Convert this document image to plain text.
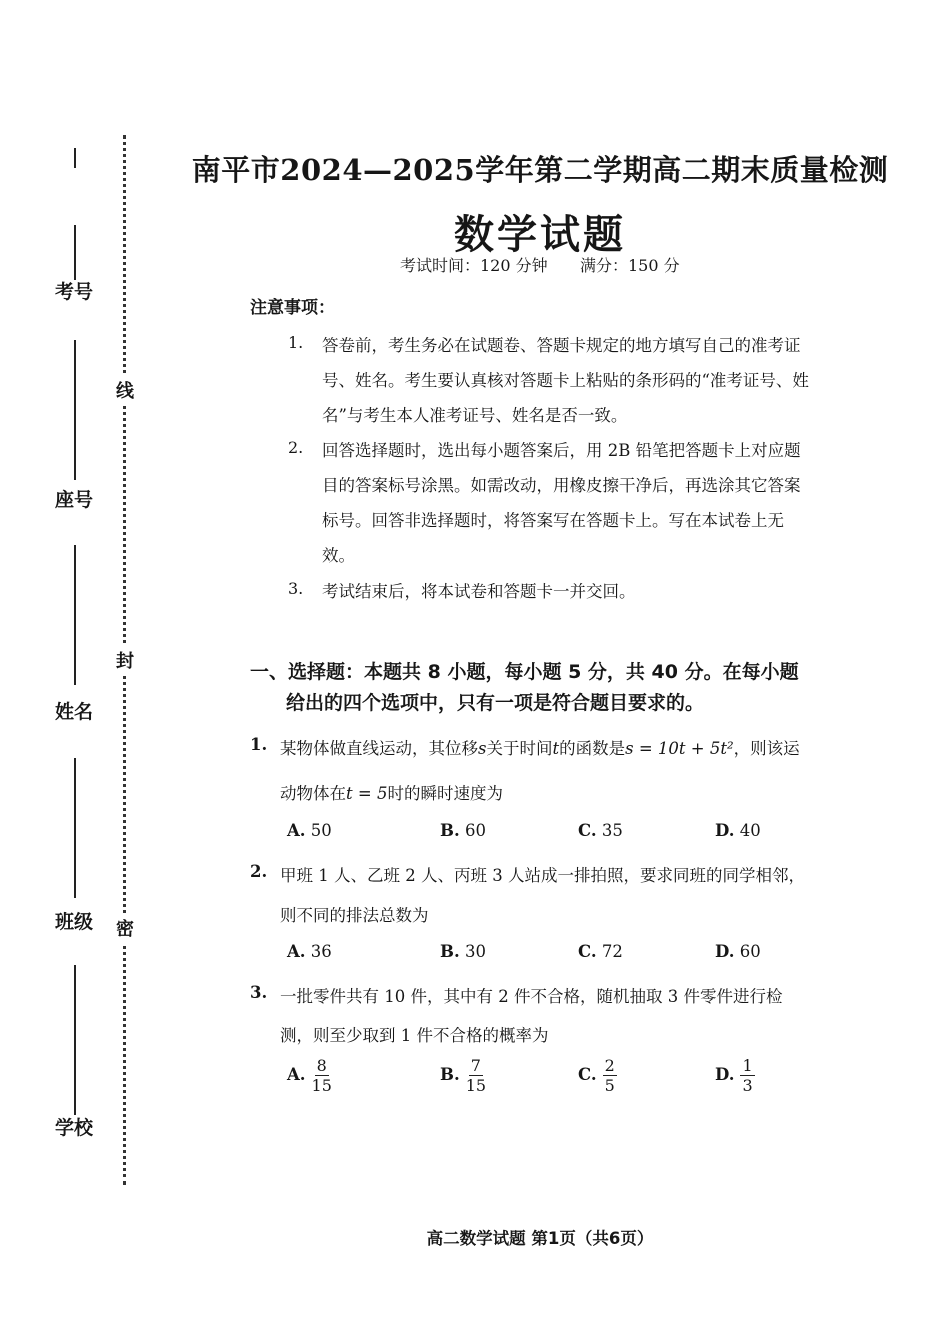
考号
座号
姓名
班级
学校
线
封
密
南平市2024—2025学年第二学期高二期末质量检测
数学试题
考试时间：120 分钟 满分：150 分
注意事项：
1. 答卷前，考生务必在试题卷、答题卡规定的地方填写自己的准考证
号、姓名。考生要认真核对答题卡上粘贴的条形码的“准考证号、姓
名”与考生本人准考证号、姓名是否一致。
2. 回答选择题时，选出每小题答案后，用 2B 铅笔把答题卡上对应题
目的答案标号涂黑。如需改动，用橡皮擦干净后，再选涂其它答案
标号。回答非选择题时，将答案写在答题卡上。写在本试卷上无
效。
3. 考试结束后，将本试卷和答题卡一并交回。
一、选择题：本题共 8 小题，每小题 5 分，共 40 分。在每小题
给出的四个选项中，只有一项是符合题目要求的。
1. 某物体做直线运动，其位移s关于时间t的函数是s = 10t + 5t²，则该运
动物体在t = 5时的瞬时速度为
A. 50	B. 60	C. 35	D. 40
2. 甲班 1 人、乙班 2 人、丙班 3 人站成一排拍照，要求同班的同学相邻，
则不同的排法总数为
A. 36	B. 30	C. 72	D. 60
3. 一批零件共有 10 件，其中有 2 件不合格，随机抽取 3 件零件进行检
测，则至少取到 1 件不合格的概率为
A. $\frac{8}{15}$	B. $\frac{7}{15}$	C. $\frac{2}{5}$	D. $\frac{1}{3}$
高二数学试题 第1页（共6页）
